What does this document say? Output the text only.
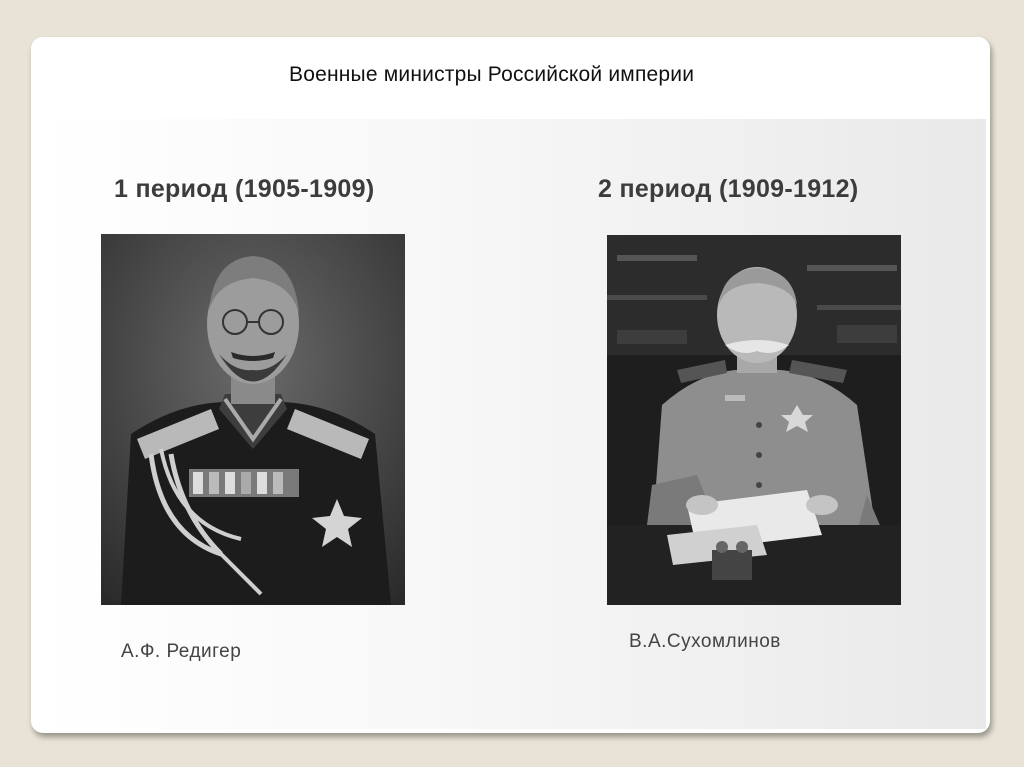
Военные министры Российской империи
1 период (1905-1909)	2 период (1909-1912)
А.Ф. Редигер	В.А.Сухомлинов
